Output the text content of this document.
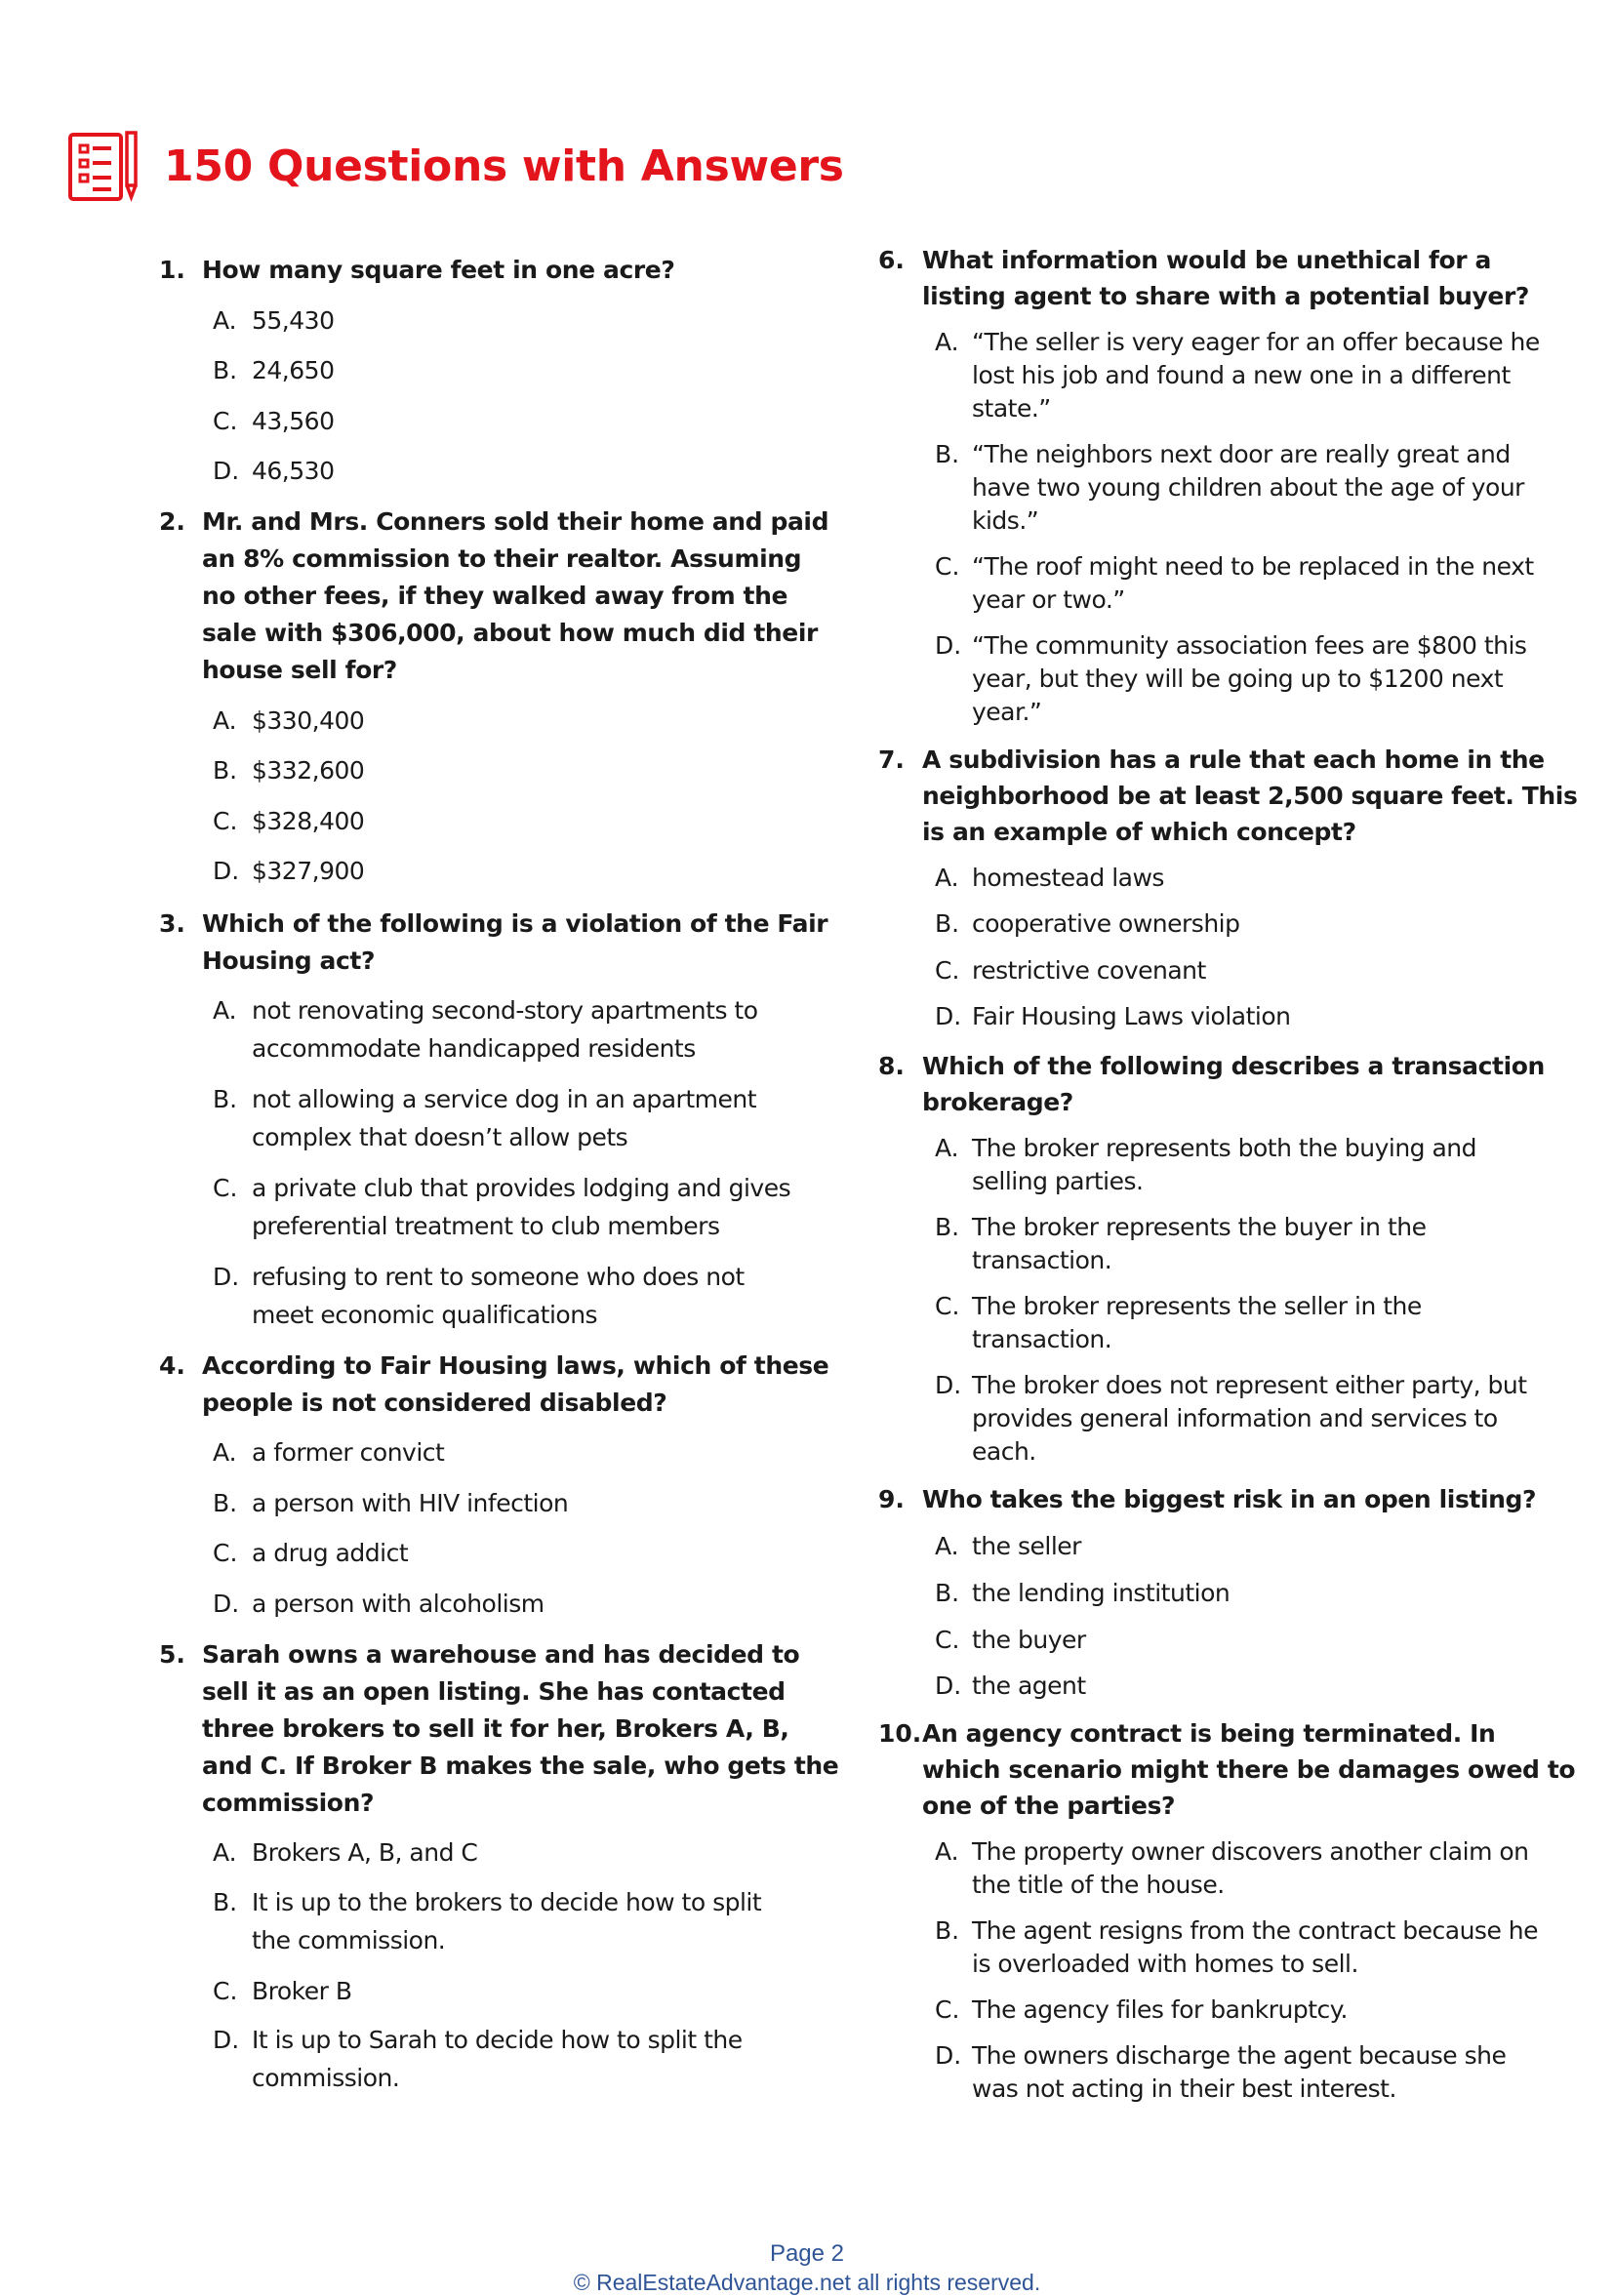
150 Questions with Answers
1. How many square feet in one acre?
A. 55,430
B. 24,650
C. 43,560
D. 46,530
2. Mr. and Mrs. Conners sold their home and paid
an 8% commission to their realtor. Assuming
no other fees, if they walked away from the
sale with $306,000, about how much did their
house sell for?
A. $330,400
B. $332,600
C. $328,400
D. $327,900
3. Which of the following is a violation of the Fair
Housing act?
A. not renovating second-story apartments to
accommodate handicapped residents
B. not allowing a service dog in an apartment
complex that doesn’t allow pets
C. a private club that provides lodging and gives
preferential treatment to club members
D. refusing to rent to someone who does not
meet economic qualifications
4. According to Fair Housing laws, which of these
people is not considered disabled?
A. a former convict
B. a person with HIV infection
C. a drug addict
D. a person with alcoholism
5. Sarah owns a warehouse and has decided to
sell it as an open listing. She has contacted
three brokers to sell it for her, Brokers A, B,
and C. If Broker B makes the sale, who gets the
commission?
A. Brokers A, B, and C
B. It is up to the brokers to decide how to split
the commission.
C. Broker B
D. It is up to Sarah to decide how to split the
commission.
6. What information would be unethical for a
listing agent to share with a potential buyer?
A. “The seller is very eager for an offer because he
lost his job and found a new one in a different
state.”
B. “The neighbors next door are really great and
have two young children about the age of your
kids.”
C. “The roof might need to be replaced in the next
year or two.”
D. “The community association fees are $800 this
year, but they will be going up to $1200 next
year.”
7. A subdivision has a rule that each home in the
neighborhood be at least 2,500 square feet. This
is an example of which concept?
A. homestead laws
B. cooperative ownership
C. restrictive covenant
D. Fair Housing Laws violation
8. Which of the following describes a transaction
brokerage?
A. The broker represents both the buying and
selling parties.
B. The broker represents the buyer in the
transaction.
C. The broker represents the seller in the
transaction.
D. The broker does not represent either party, but
provides general information and services to
each.
9. Who takes the biggest risk in an open listing?
A. the seller
B. the lending institution
C. the buyer
D. the agent
10. An agency contract is being terminated. In
which scenario might there be damages owed to
one of the parties?
A. The property owner discovers another claim on
the title of the house.
B. The agent resigns from the contract because he
is overloaded with homes to sell.
C. The agency files for bankruptcy.
D. The owners discharge the agent because she
was not acting in their best interest.
Page 2
© RealEstateAdvantage.net all rights reserved.
